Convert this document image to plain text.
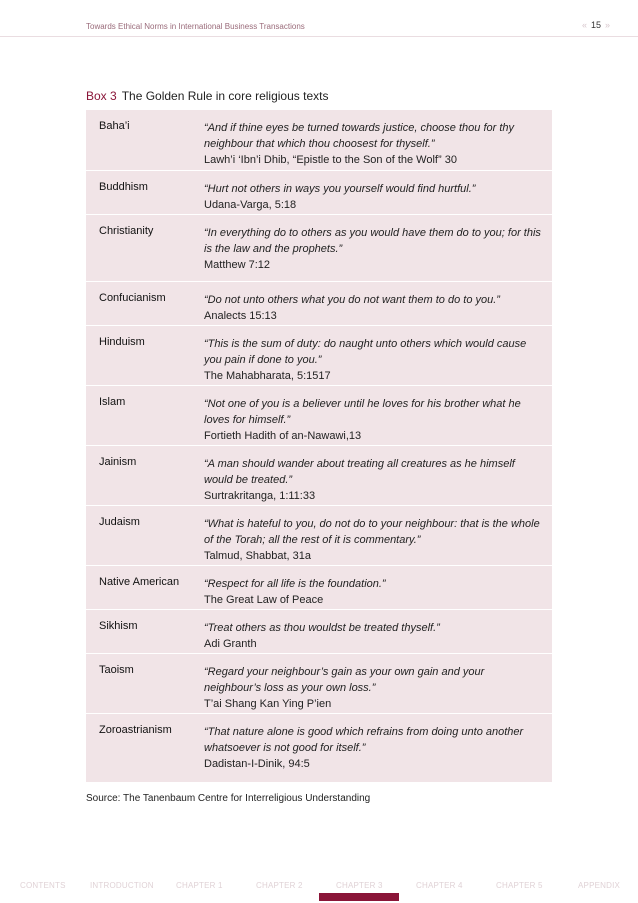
Towards Ethical Norms in International Business Transactions	« 15 »
Box 3 The Golden Rule in core religious texts
Baha’i	“And if thine eyes be turned towards justice, choose thou for thy neighbour that which thou choosest for thyself.”
Lawh’i ‘Ibn’i Dhib, “Epistle to the Son of the Wolf” 30
Buddhism	“Hurt not others in ways you yourself would find hurtful.”
Udana-Varga, 5:18
Christianity	“In everything do to others as you would have them do to you; for this is the law and the prophets.”
Matthew 7:12
Confucianism	“Do not unto others what you do not want them to do to you.”
Analects 15:13
Hinduism	“This is the sum of duty: do naught unto others which would cause you pain if done to you.”
The Mahabharata, 5:1517
Islam	“Not one of you is a believer until he loves for his brother what he loves for himself.”
Fortieth Hadith of an-Nawawi,13
Jainism	“A man should wander about treating all creatures as he himself would be treated.”
Surtrakritanga, 1:11:33
Judaism	“What is hateful to you, do not do to your neighbour: that is the whole of the Torah; all the rest of it is commentary.”
Talmud, Shabbat, 31a
Native American “Respect for all life is the foundation.”
The Great Law of Peace
Sikhism	“Treat others as thou wouldst be treated thyself.”
Adi Granth
Taoism	“Regard your neighbour’s gain as your own gain and your neighbour’s loss as your own loss.”
T’ai Shang Kan Ying P’ien
Zoroastrianism	“That nature alone is good which refrains from doing unto another whatsoever is not good for itself.”
Dadistan-I-Dinik, 94:5
Source: The Tanenbaum Centre for Interreligious Understanding
CONTENTS	INTRODUCTION	CHAPTER 1	CHAPTER 2	CHAPTER 3	CHAPTER 4	CHAPTER 5	APPENDIX
